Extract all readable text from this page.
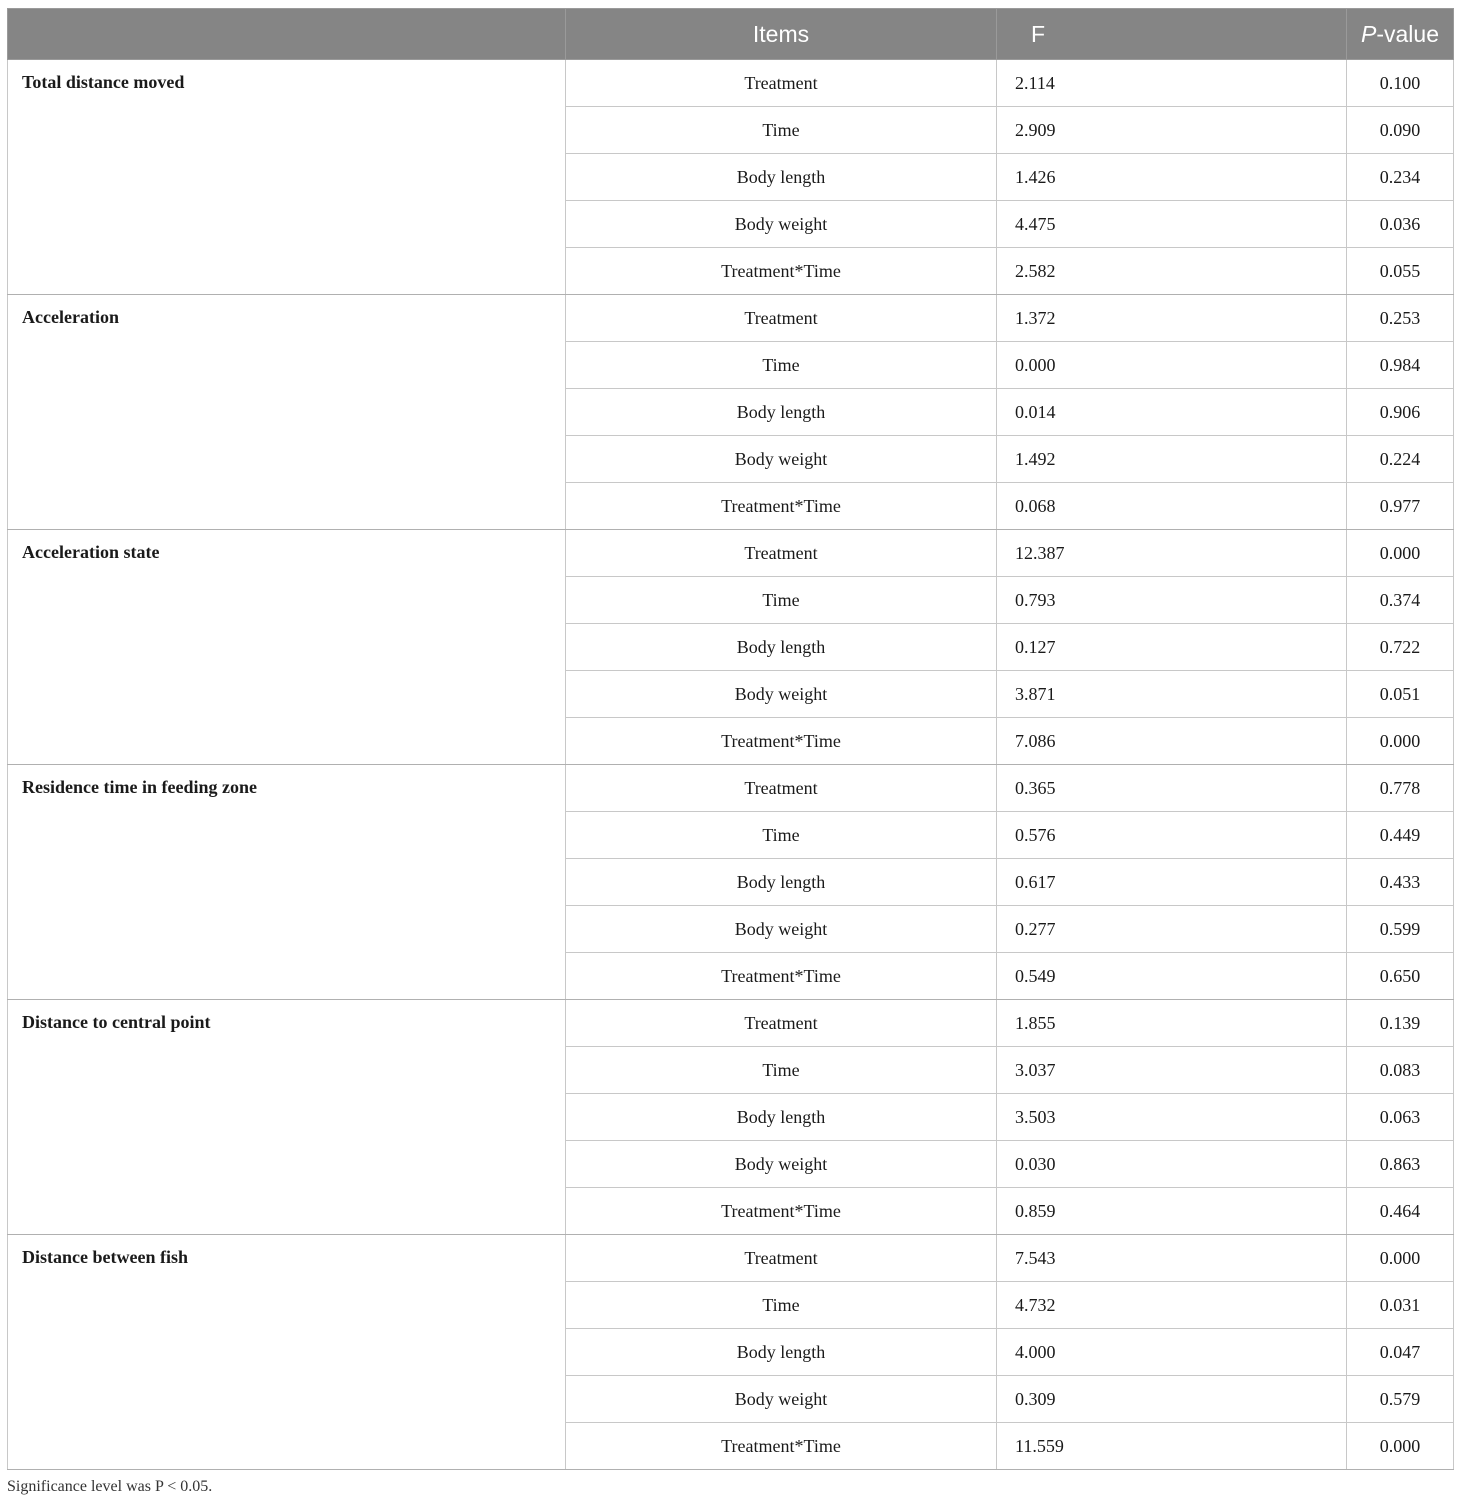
	Items	F	P-value
Total distance moved	Treatment	2.114	0.100
	Time	2.909	0.090
	Body length	1.426	0.234
	Body weight	4.475	0.036
	Treatment*Time	2.582	0.055
Acceleration	Treatment	1.372	0.253
	Time	0.000	0.984
	Body length	0.014	0.906
	Body weight	1.492	0.224
	Treatment*Time	0.068	0.977
Acceleration state	Treatment	12.387	0.000
	Time	0.793	0.374
	Body length	0.127	0.722
	Body weight	3.871	0.051
	Treatment*Time	7.086	0.000
Residence time in feeding zone	Treatment	0.365	0.778
	Time	0.576	0.449
	Body length	0.617	0.433
	Body weight	0.277	0.599
	Treatment*Time	0.549	0.650
Distance to central point	Treatment	1.855	0.139
	Time	3.037	0.083
	Body length	3.503	0.063
	Body weight	0.030	0.863
	Treatment*Time	0.859	0.464
Distance between fish	Treatment	7.543	0.000
	Time	4.732	0.031
	Body length	4.000	0.047
	Body weight	0.309	0.579
	Treatment*Time	11.559	0.000
Significance level was P < 0.05.
